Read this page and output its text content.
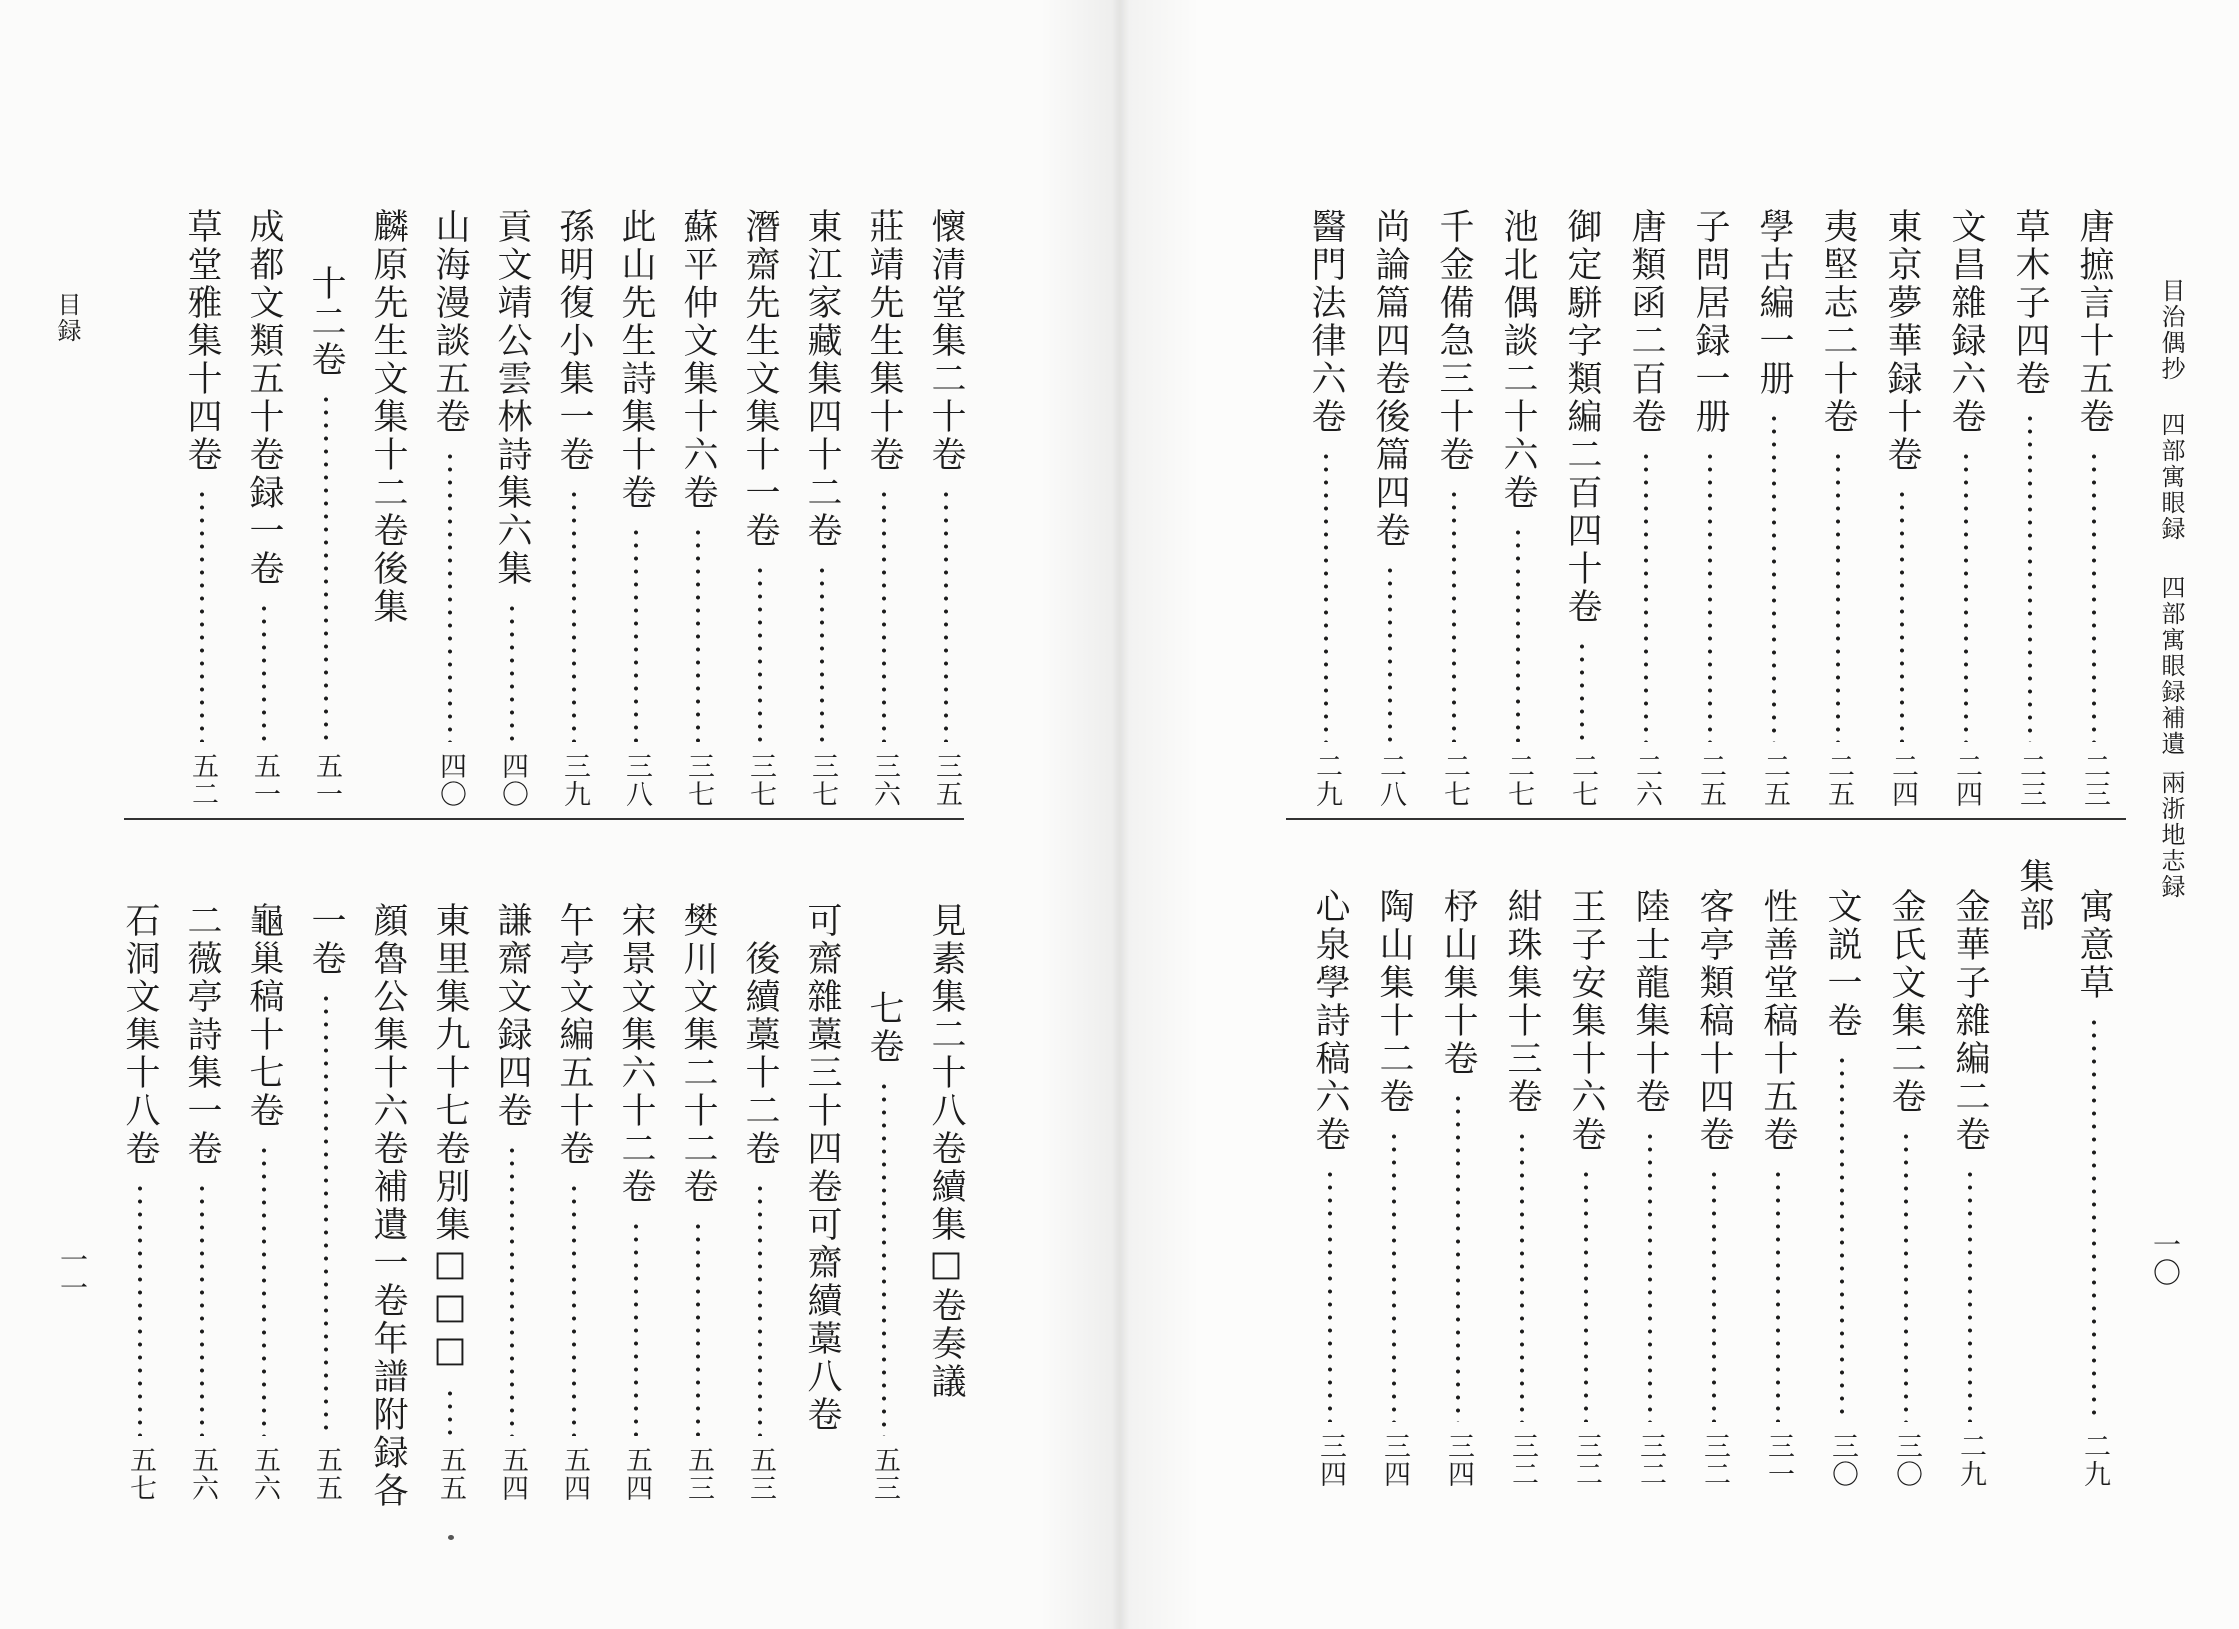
目録
一一
懷清堂集二十卷
三五
莊靖先生集十卷
三六
東江家藏集四十二卷
三七
潛齋先生文集十一卷
三七
蘇平仲文集十六卷
三七
此山先生詩集十卷
三八
孫明復小集一卷
三九
貢文靖公雲林詩集六集
四〇
山海漫談五卷
四〇
麟原先生文集十二卷後集
十二卷
五一
成都文類五十卷録一卷
五一
草堂雅集十四卷
五二
見素集二十八卷續集□卷奏議
七卷
五三
可齋雜藁三十四卷可齋續藁八卷
後續藁十二卷
五三
樊川文集二十二卷
五三
宋景文集六十二卷
五四
午亭文編五十卷
五四
謙齋文録四卷
五四
東里集九十七卷別集□□□
五五
顔魯公集十六卷補遺一卷年譜附録各
一卷
五五
龜巢稿十七卷
五六
二薇亭詩集一卷
五六
石洞文集十八卷
五七
目治偶抄
四部寓眼録
四部寓眼録補遺
兩浙地志録
一〇
唐摭言十五卷
二三
草木子四卷
二三
文昌雜録六卷
二四
東京夢華録十卷
二四
夷堅志二十卷
二五
學古編一册
二五
子問居録一册
二五
唐類函二百卷
二六
御定駢字類編二百四十卷
二七
池北偶談二十六卷
二七
千金備急三十卷
二七
尚論篇四卷後篇四卷
二八
醫門法律六卷
二九
寓意草
二九
集部
金華子雜編二卷
二九
金氏文集二卷
三〇
文説一卷
三〇
性善堂稿十五卷
三一
客亭類稿十四卷
三二
陸士龍集十卷
三二
王子安集十六卷
三二
紺珠集十三卷
三二
杼山集十卷
三四
陶山集十二卷
三四
心泉學詩稿六卷
三四
